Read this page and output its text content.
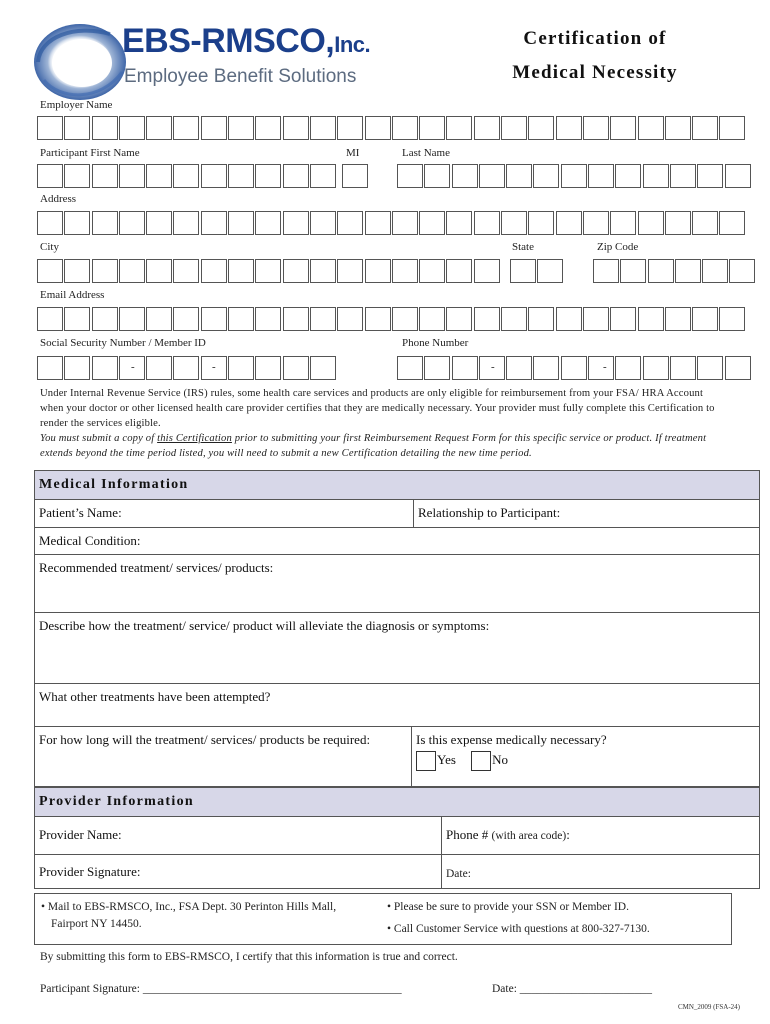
EBS-RMSCO,Inc.
Employee Benefit Solutions
Certification of
Medical Necessity
Employer Name
Participant First Name	MI	Last Name
Address
City	State	Zip Code
Email Address
Social Security Number / Member ID	Phone Number
-	-	-	-
Under Internal Revenue Service (IRS) rules, some health care services and products are only eligible for reimbursement from your FSA/ HRA Account when your doctor or other licensed health care provider certifies that they are medically necessary. Your provider must fully complete this Certification to render the services eligible.
You must submit a copy of this Certification prior to submitting your first Reimbursement Request Form for this specific service or product. If treatment extends beyond the time period listed, you will need to submit a new Certification detailing the new time period.
Medical Information
Patient’s Name:	Relationship to Participant:
Medical Condition:
Recommended treatment/ services/ products:
Describe how the treatment/ service/ product will alleviate the diagnosis or symptoms:
What other treatments have been attempted?
For how long will the treatment/ services/ products be required:	Is this expense medically necessary?
Yes	No
Provider Information
Provider Name:	Phone # (with area code):
Provider Signature:	Date:
• Mail to EBS-RMSCO, Inc., FSA Dept. 30 Perinton Hills Mall,
Fairport NY 14450.
• Please be sure to provide your SSN or Member ID.
• Call Customer Service with questions at 800-327-7130.
By submitting this form to EBS-RMSCO, I certify that this information is true and correct.
Participant Signature: _____________________________________________	Date: _______________________
CMN_2009 (FSA-24)
